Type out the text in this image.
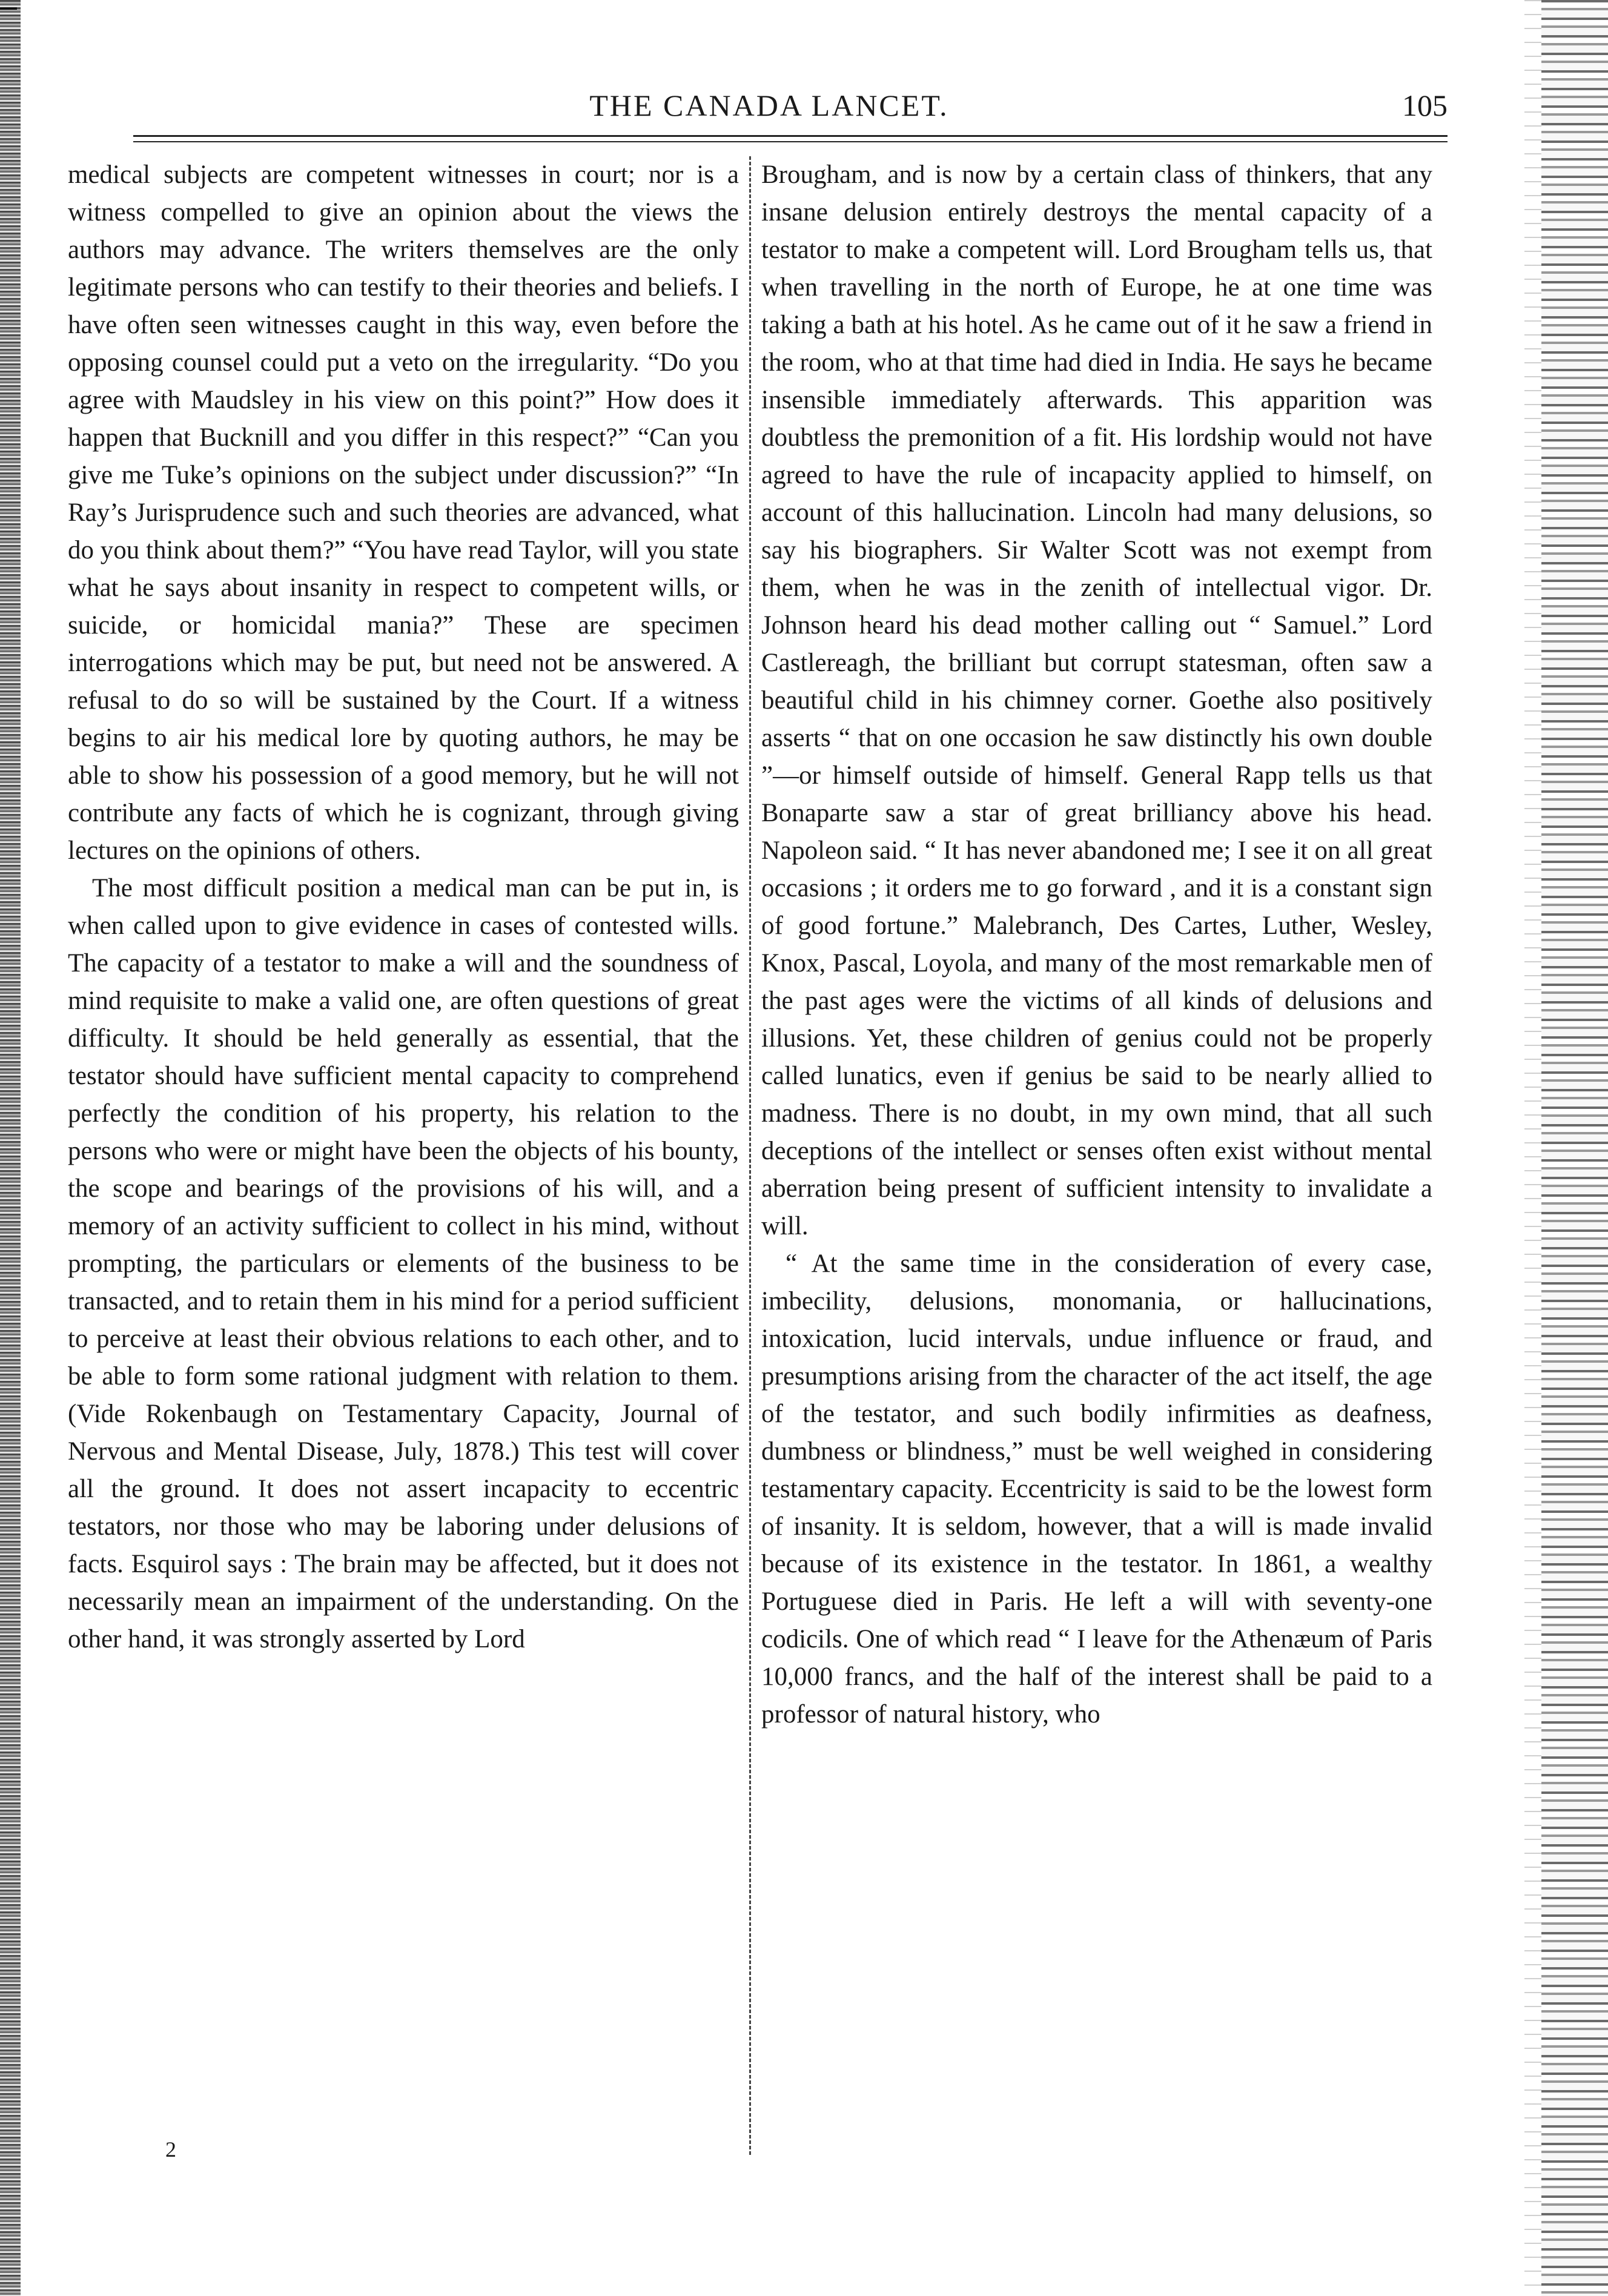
THE CANADA LANCET.	105

medical subjects are competent witnesses in court; nor is a witness compelled to give an opinion about the views the authors may advance. The writers themselves are the only legitimate persons who can testify to their theories and beliefs. I have often seen witnesses caught in this way, even before the opposing counsel could put a veto on the irregularity. “Do you agree with Maudsley in his view on this point?” How does it happen that Bucknill and you differ in this respect?” “Can you give me Tuke’s opinions on the subject under discussion?” “In Ray’s Jurisprudence such and such theories are advanced, what do you think about them?” “You have read Taylor, will you state what he says about insanity in respect to competent wills, or suicide, or homicidal mania?” These are specimen interrogations which may be put, but need not be answered. A refusal to do so will be sustained by the Court. If a witness begins to air his medical lore by quoting authors, he may be able to show his possession of a good memory, but he will not contribute any facts of which he is cognizant, through giving lectures on the opinions of others.

The most difficult position a medical man can be put in, is when called upon to give evidence in cases of contested wills. The capacity of a testator to make a will and the soundness of mind requisite to make a valid one, are often questions of great difficulty. It should be held generally as essential, that the testator should have sufficient mental capacity to comprehend perfectly the condition of his property, his relation to the persons who were or might have been the objects of his bounty, the scope and bearings of the provisions of his will, and a memory of an activity sufficient to collect in his mind, without prompting, the particulars or elements of the business to be transacted, and to retain them in his mind for a period sufficient to perceive at least their obvious relations to each other, and to be able to form some rational judgment with relation to them. (Vide Rokenbaugh on Testamentary Capacity, Journal of Nervous and Mental Disease, July, 1878.) This test will cover all the ground. It does not assert incapacity to eccentric testators, nor those who may be laboring under delusions of facts. Esquirol says : The brain may be affected, but it does not necessarily mean an impairment of the understanding. On the other hand, it was strongly asserted by Lord

Brougham, and is now by a certain class of thinkers, that any insane delusion entirely destroys the mental capacity of a testator to make a competent will. Lord Brougham tells us, that when travelling in the north of Europe, he at one time was taking a bath at his hotel. As he came out of it he saw a friend in the room, who at that time had died in India. He says he became insensible immediately afterwards. This apparition was doubtless the premonition of a fit. His lordship would not have agreed to have the rule of incapacity applied to himself, on account of this hallucination. Lincoln had many delusions, so say his biographers. Sir Walter Scott was not exempt from them, when he was in the zenith of intellectual vigor. Dr. Johnson heard his dead mother calling out “ Samuel.” Lord Castlereagh, the brilliant but corrupt statesman, often saw a beautiful child in his chimney corner. Goethe also positively asserts “ that on one occasion he saw distinctly his own double ”—or himself outside of himself. General Rapp tells us that Bonaparte saw a star of great brilliancy above his head. Napoleon said. “ It has never abandoned me; I see it on all great occasions ; it orders me to go forward , and it is a constant sign of good fortune.” Malebranch, Des Cartes, Luther, Wesley, Knox, Pascal, Loyola, and many of the most remarkable men of the past ages were the victims of all kinds of delusions and illusions. Yet, these children of genius could not be properly called lunatics, even if genius be said to be nearly allied to madness. There is no doubt, in my own mind, that all such deceptions of the intellect or senses often exist without mental aberration being present of sufficient intensity to invalidate a will.

“ At the same time in the consideration of every case, imbecility, delusions, monomania, or hallucinations, intoxication, lucid intervals, undue influence or fraud, and presumptions arising from the character of the act itself, the age of the testator, and such bodily infirmities as deafness, dumbness or blindness,” must be well weighed in considering testamentary capacity. Eccentricity is said to be the lowest form of insanity. It is seldom, however, that a will is made invalid because of its existence in the testator. In 1861, a wealthy Portuguese died in Paris. He left a will with seventy-one codicils. One of which read “ I leave for the Athenæum of Paris 10,000 francs, and the half of the interest shall be paid to a professor of natural history, who

2
